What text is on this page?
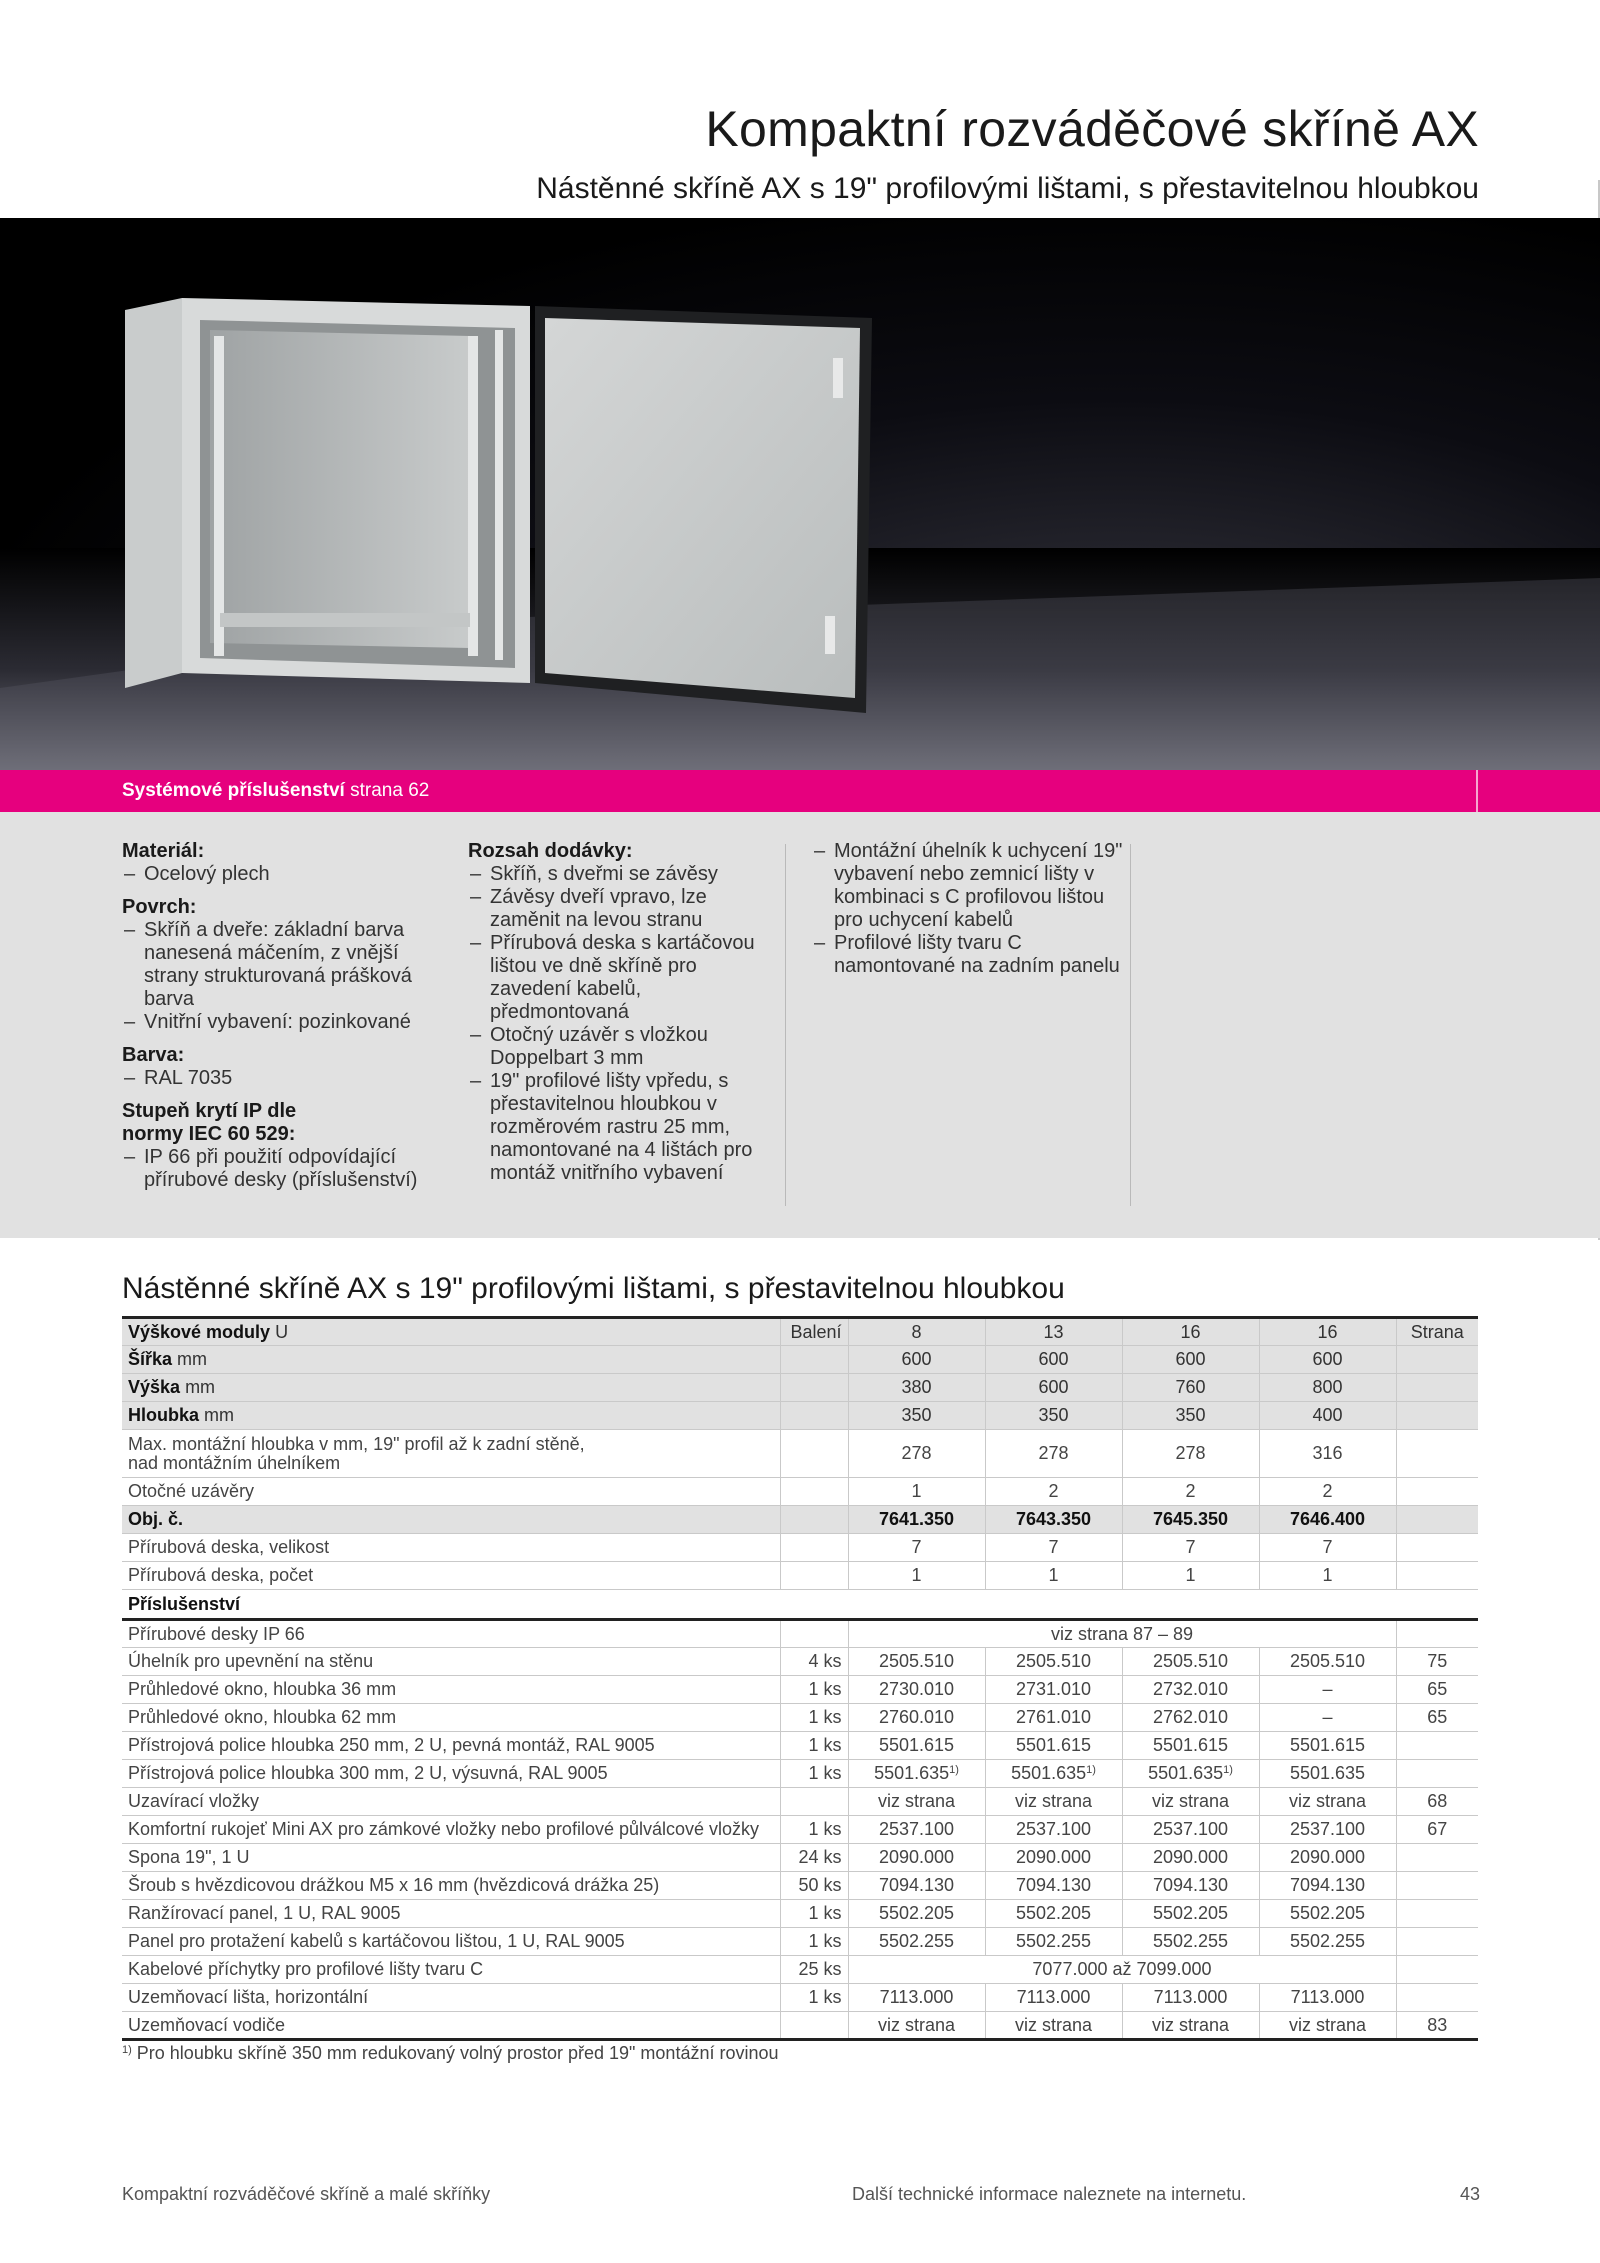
Kompaktní rozváděčové skříně AX
Nástěnné skříně AX s 19" profilovými lištami, s přestavitelnou hloubkou
Systémové příslušenství strana 62
Materiál:
– Ocelový plech
Povrch:
– Skříň a dveře: základní barva nanesená máčením, z vnější strany strukturovaná prášková barva
– Vnitřní vybavení: pozinkované
Barva:
– RAL 7035
Stupeň krytí IP dle normy IEC 60 529:
– IP 66 při použití odpovídající přírubové desky (příslušenství)
Rozsah dodávky:
– Skříň, s dveřmi se závěsy
– Závěsy dveří vpravo, lze zaměnit na levou stranu
– Přírubová deska s kartáčovou lištou ve dně skříně pro zavedení kabelů, předmontovaná
– Otočný uzávěr s vložkou Doppelbart 3 mm
– 19" profilové lišty vpředu, s přestavitelnou hloubkou v rozměrovém rastru 25 mm, namontované na 4 lištách pro montáž vnitřního vybavení
– Montážní úhelník k uchycení 19" vybavení nebo zemnicí lišty v kombinaci s C profilovou lištou pro uchycení kabelů
– Profilové lišty tvaru C namontované na zadním panelu
Nástěnné skříně AX s 19" profilovými lištami, s přestavitelnou hloubkou
Výškové moduly U	Balení	8	13	16	16	Strana
Šířka mm		600	600	600	600	
Výška mm		380	600	760	800	
Hloubka mm		350	350	350	400	

Max. montážní hloubka v mm, 19" profil až k zadní stěně,
nad montážním úhelníkem		278	278	278	316	
Otočné uzávěry		1	2	2	2	
Obj. č.		7641.350	7643.350	7645.350	7646.400	
Přírubová deska, velikost		7	7	7	7	
Přírubová deska, počet		1	1	1	1	
Příslušenství						
Přírubové desky IP 66		viz strana 87 – 89				
Úhelník pro upevnění na stěnu	4 ks	2505.510	2505.510	2505.510	2505.510	75
Průhledové okno, hloubka 36 mm	1 ks	2730.010	2731.010	2732.010	–	65
Průhledové okno, hloubka 62 mm	1 ks	2760.010	2761.010	2762.010	–	65
Přístrojová police hloubka 250 mm, 2 U, pevná montáž, RAL 9005	1 ks	5501.615	5501.615	5501.615	5501.615	
Přístrojová police hloubka 300 mm, 2 U, výsuvná, RAL 9005	1 ks	5501.635$^{1)}$	5501.635$^{1)}$	5501.635$^{1)}$	5501.635	
Uzavírací vložky		viz strana	viz strana	viz strana	viz strana	68
Komfortní rukojeť Mini AX pro zámkové vložky nebo profilové půlválcové vložky	1 ks	2537.100	2537.100	2537.100	2537.100	67
Spona 19", 1 U	24 ks	2090.000	2090.000	2090.000	2090.000	
Šroub s hvězdicovou drážkou M5 x 16 mm (hvězdicová drážka 25)	50 ks	7094.130	7094.130	7094.130	7094.130	
Ranžírovací panel, 1 U, RAL 9005	1 ks	5502.205	5502.205	5502.205	5502.205	
Panel pro protažení kabelů s kartáčovou lištou, 1 U, RAL 9005	1 ks	5502.255	5502.255	5502.255	5502.255	
Kabelové příchytky pro profilové lišty tvaru C	25 ks	7077.000 až 7099.000				
Uzemňovací lišta, horizontální	1 ks	7113.000	7113.000	7113.000	7113.000	
Uzemňovací vodiče		viz strana	viz strana	viz strana	viz strana	83
$^{1)}$ Pro hloubku skříně 350 mm redukovaný volný prostor před 19" montážní rovinou
Kompaktní rozváděčové skříně a malé skříňky	Další technické informace naleznete na internetu.	43
